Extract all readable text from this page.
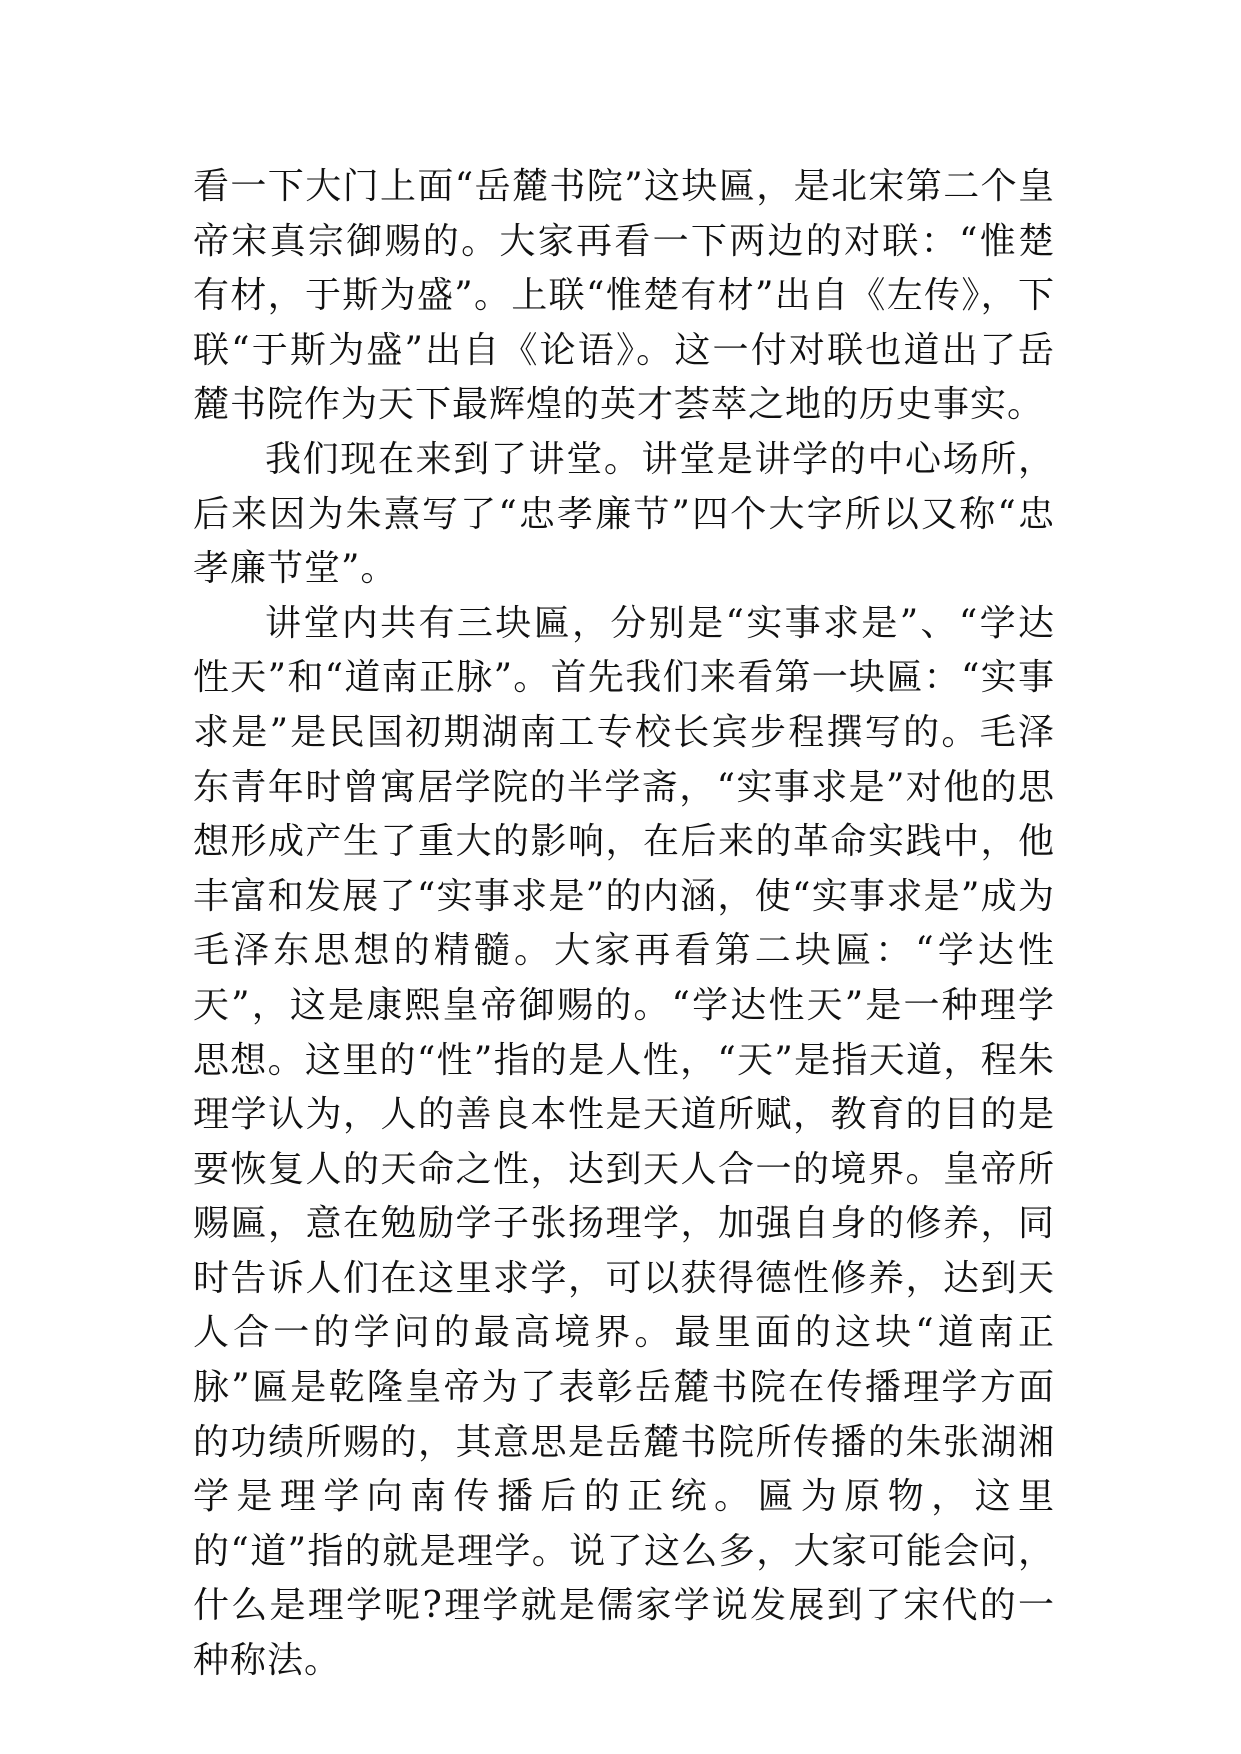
看一下大门上面“岳麓书院”这块匾，是北宋第二个皇帝宋真宗御赐的。大家再看一下两边的对联：“惟楚有材，于斯为盛”。上联“惟楚有材”出自《左传》，下联“于斯为盛”出自《论语》。这一付对联也道出了岳麓书院作为天下最辉煌的英才荟萃之地的历史事实。

我们现在来到了讲堂。讲堂是讲学的中心场所，后来因为朱熹写了“忠孝廉节”四个大字所以又称“忠孝廉节堂”。

讲堂内共有三块匾，分别是“实事求是”、“学达性天”和“道南正脉”。首先我们来看第一块匾：“实事求是”是民国初期湖南工专校长宾步程撰写的。毛泽东青年时曾寓居学院的半学斋，“实事求是”对他的思想形成产生了重大的影响，在后来的革命实践中，他丰富和发展了“实事求是”的内涵，使“实事求是”成为毛泽东思想的精髓。大家再看第二块匾：“学达性天”，这是康熙皇帝御赐的。“学达性天”是一种理学思想。这里的“性”指的是人性，“天”是指天道，程朱理学认为，人的善良本性是天道所赋，教育的目的是要恢复人的天命之性，达到天人合一的境界。皇帝所赐匾，意在勉励学子张扬理学，加强自身的修养，同时告诉人们在这里求学，可以获得德性修养，达到天人合一的学问的最高境界。最里面的这块“道南正脉”匾是乾隆皇帝为了表彰岳麓书院在传播理学方面的功绩所赐的，其意思是岳麓书院所传播的朱张湖湘学是理学向南传播后的正统。匾为原物，这里的“道”指的就是理学。说了这么多，大家可能会问，什么是理学呢?理学就是儒家学说发展到了宋代的一种称法。
